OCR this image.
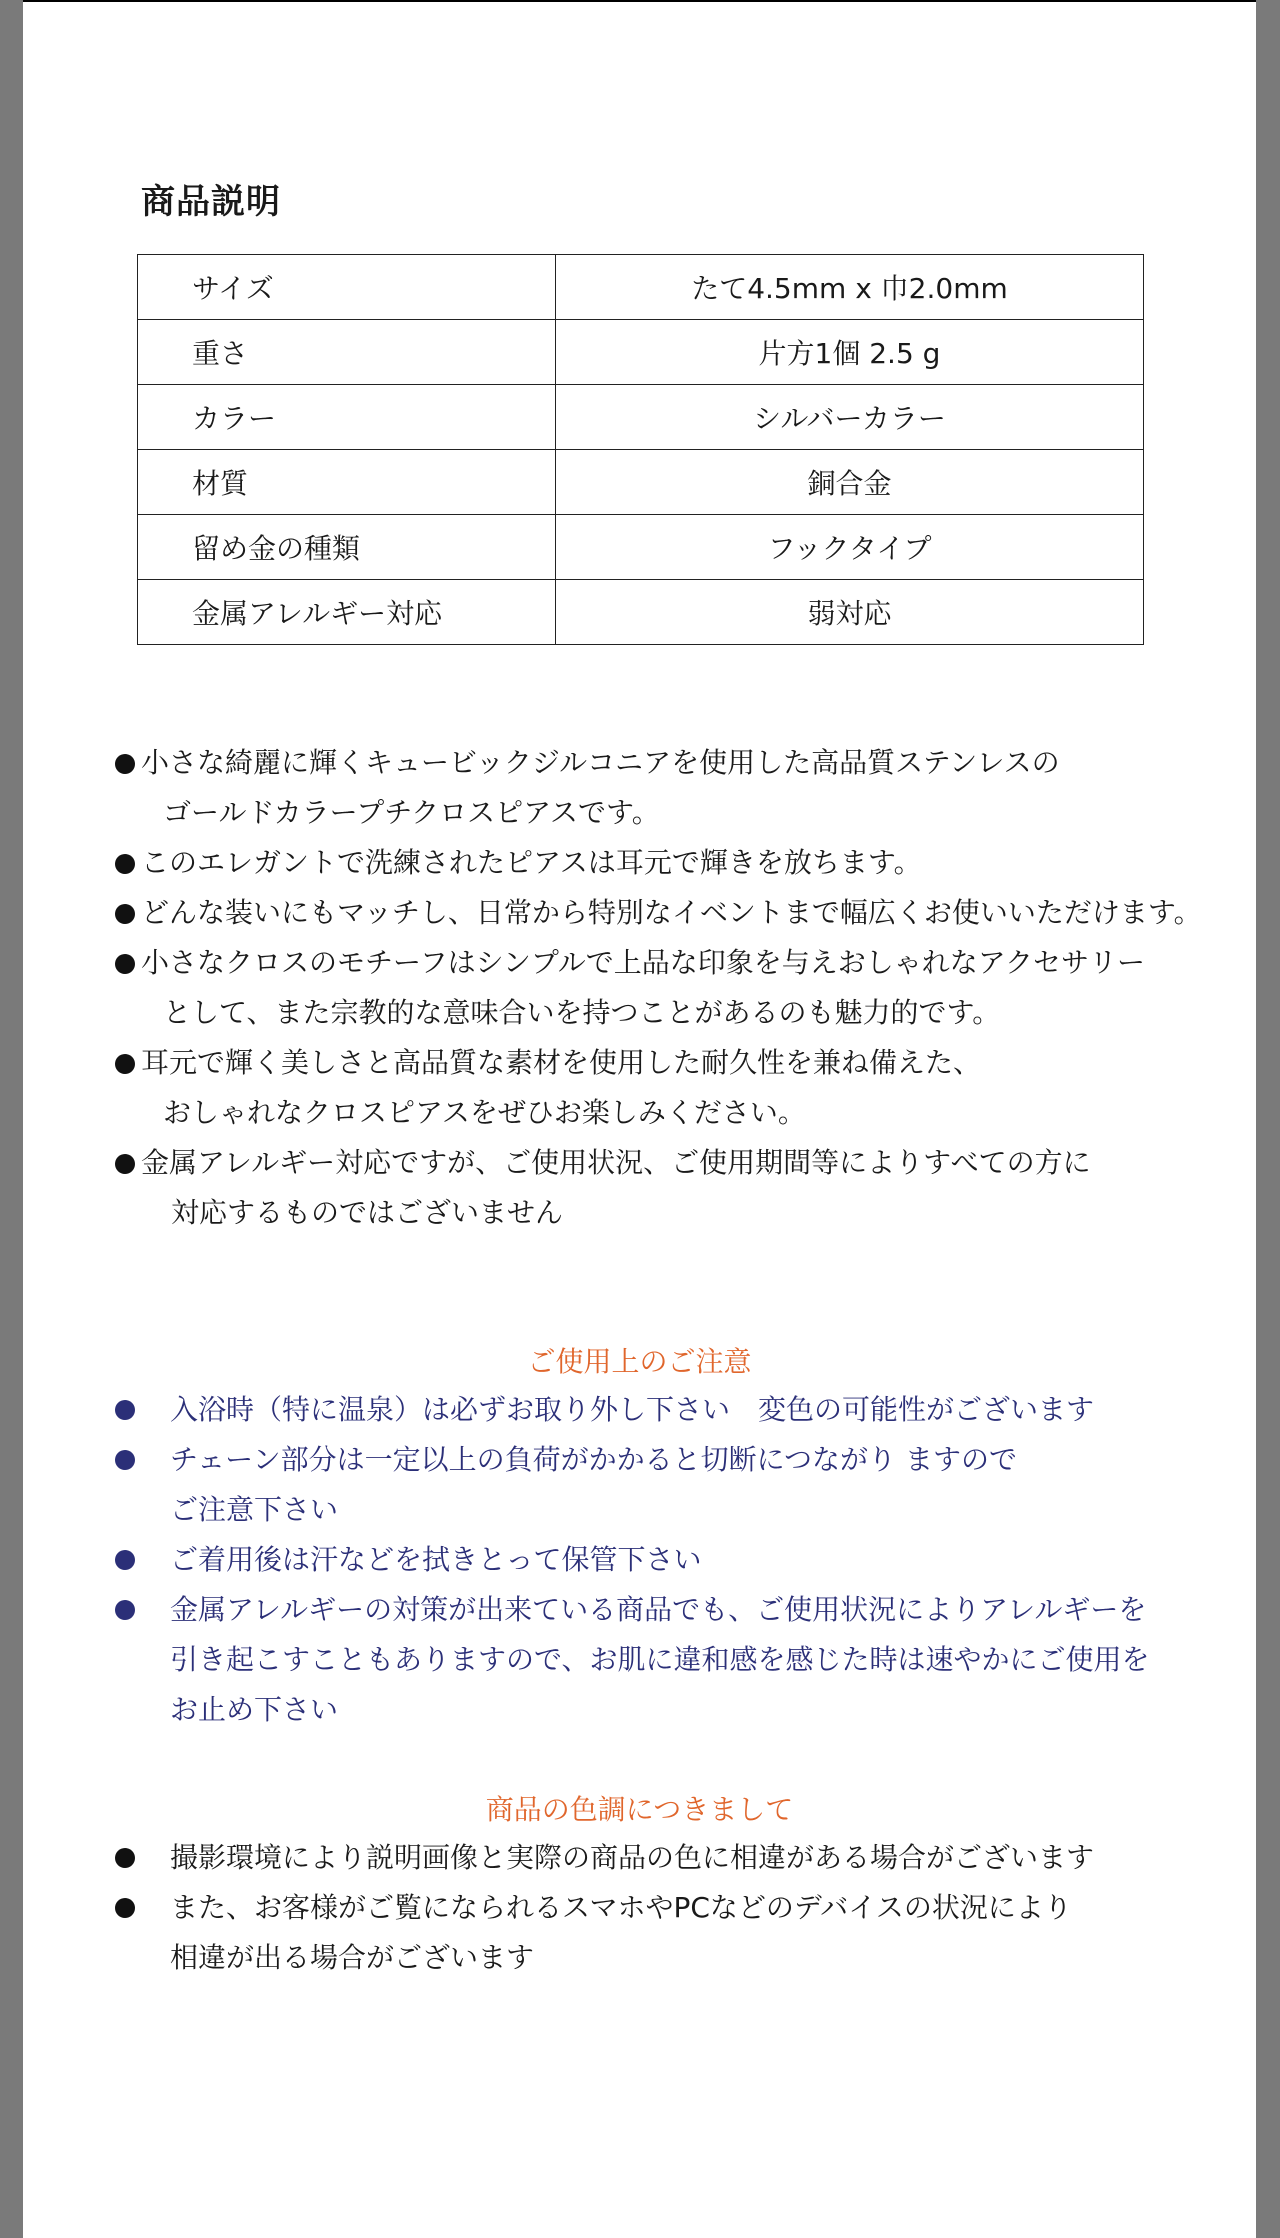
商品説明
サイズ	たて4.5mm x 巾2.0mm
重さ	片方1個 2.5 g
カラー	シルバーカラー
材質	銅合金
留め金の種類	フックタイプ
金属アレルギー対応	弱対応
小さな綺麗に輝くキュービックジルコニアを使用した高品質ステンレスの
ゴールドカラープチクロスピアスです。
このエレガントで洗練されたピアスは耳元で輝きを放ちます。
どんな装いにもマッチし、日常から特別なイベントまで幅広くお使いいただけます。
小さなクロスのモチーフはシンプルで上品な印象を与えおしゃれなアクセサリー
として、また宗教的な意味合いを持つことがあるのも魅力的です。
耳元で輝く美しさと高品質な素材を使用した耐久性を兼ね備えた、
おしゃれなクロスピアスをぜひお楽しみください。
金属アレルギー対応ですが、ご使用状況、ご使用期間等によりすべての方に
対応するものではございません
ご使用上のご注意
入浴時（特に温泉）は必ずお取り外し下さい　変色の可能性がございます
チェーン部分は一定以上の負荷がかかると切断につながり ますので
ご注意下さい
ご着用後は汗などを拭きとって保管下さい
金属アレルギーの対策が出来ている商品でも、ご使用状況によりアレルギーを
引き起こすこともありますので、お肌に違和感を感じた時は速やかにご使用を
お止め下さい
商品の色調につきまして
撮影環境により説明画像と実際の商品の色に相違がある場合がございます
また、お客様がご覧になられるスマホやPCなどのデバイスの状況により
相違が出る場合がございます
